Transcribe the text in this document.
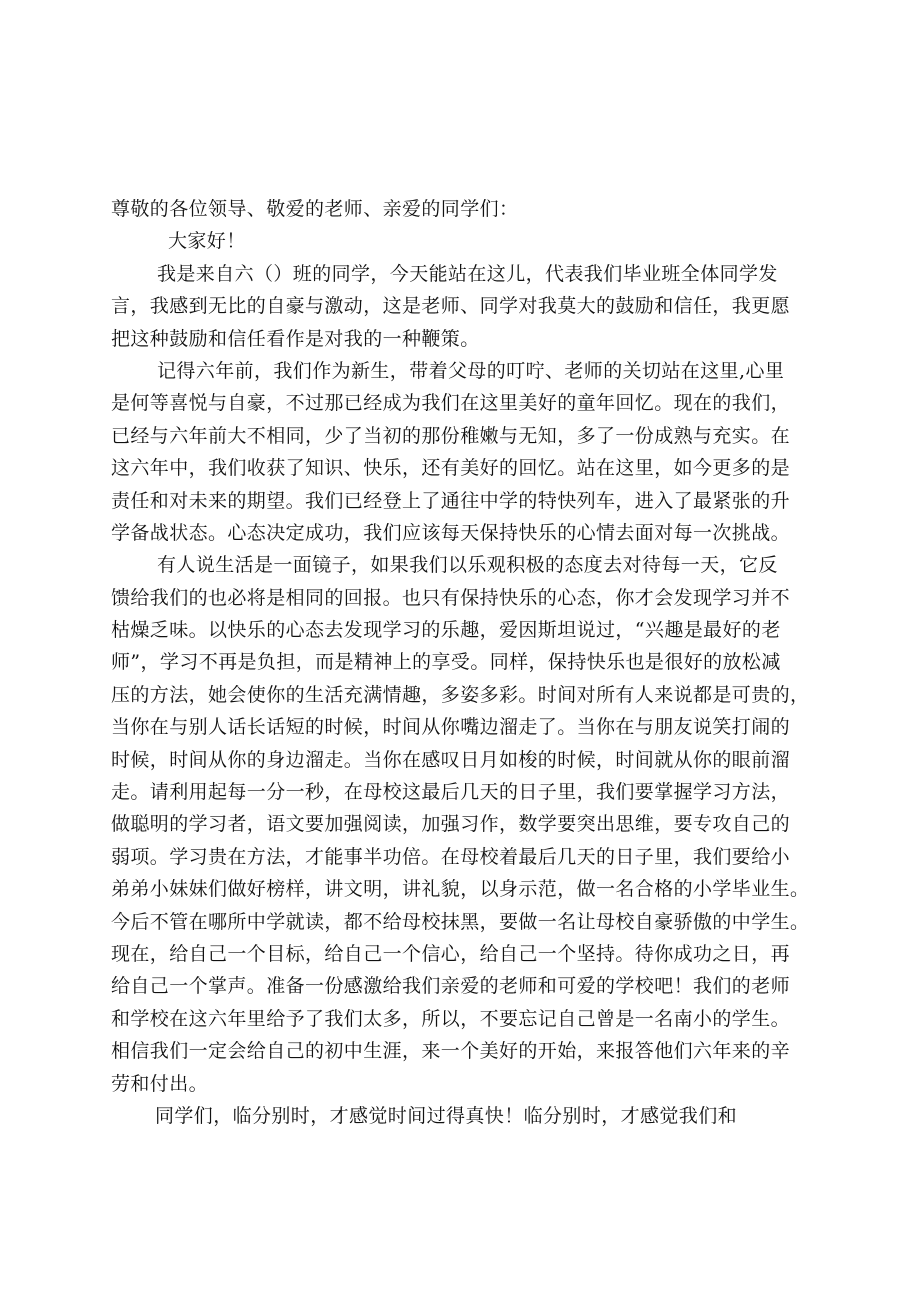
尊敬的各位领导、敬爱的老师、亲爱的同学们：
大家好！
我是来自六（）班的同学，今天能站在这儿，代表我们毕业班全体同学发
言，我感到无比的自豪与激动，这是老师、同学对我莫大的鼓励和信任，我更愿
把这种鼓励和信任看作是对我的一种鞭策。
记得六年前，我们作为新生，带着父母的叮咛、老师的关切站在这里,心里
是何等喜悦与自豪，不过那已经成为我们在这里美好的童年回忆。现在的我们，
已经与六年前大不相同，少了当初的那份稚嫩与无知，多了一份成熟与充实。在
这六年中，我们收获了知识、快乐，还有美好的回忆。站在这里，如今更多的是
责任和对未来的期望。我们已经登上了通往中学的特快列车，进入了最紧张的升
学备战状态。心态决定成功，我们应该每天保持快乐的心情去面对每一次挑战。
有人说生活是一面镜子，如果我们以乐观积极的态度去对待每一天，它反
馈给我们的也必将是相同的回报。也只有保持快乐的心态，你才会发现学习并不
枯燥乏味。以快乐的心态去发现学习的乐趣，爱因斯坦说过，“兴趣是最好的老
师”，学习不再是负担，而是精神上的享受。同样，保持快乐也是很好的放松减
压的方法，她会使你的生活充满情趣，多姿多彩。时间对所有人来说都是可贵的，
当你在与别人话长话短的时候，时间从你嘴边溜走了。当你在与朋友说笑打闹的
时候，时间从你的身边溜走。当你在感叹日月如梭的时候，时间就从你的眼前溜
走。请利用起每一分一秒，在母校这最后几天的日子里，我们要掌握学习方法，
做聪明的学习者，语文要加强阅读，加强习作，数学要突出思维，要专攻自己的
弱项。学习贵在方法，才能事半功倍。在母校着最后几天的日子里，我们要给小
弟弟小妹妹们做好榜样，讲文明，讲礼貌，以身示范，做一名合格的小学毕业生。
今后不管在哪所中学就读，都不给母校抹黑，要做一名让母校自豪骄傲的中学生。
现在，给自己一个目标，给自己一个信心，给自己一个坚持。待你成功之日，再
给自己一个掌声。准备一份感激给我们亲爱的老师和可爱的学校吧！我们的老师
和学校在这六年里给予了我们太多，所以，不要忘记自己曾是一名南小的学生。
相信我们一定会给自己的初中生涯，来一个美好的开始，来报答他们六年来的辛
劳和付出。
同学们，临分别时，才感觉时间过得真快！临分别时，才感觉我们和
